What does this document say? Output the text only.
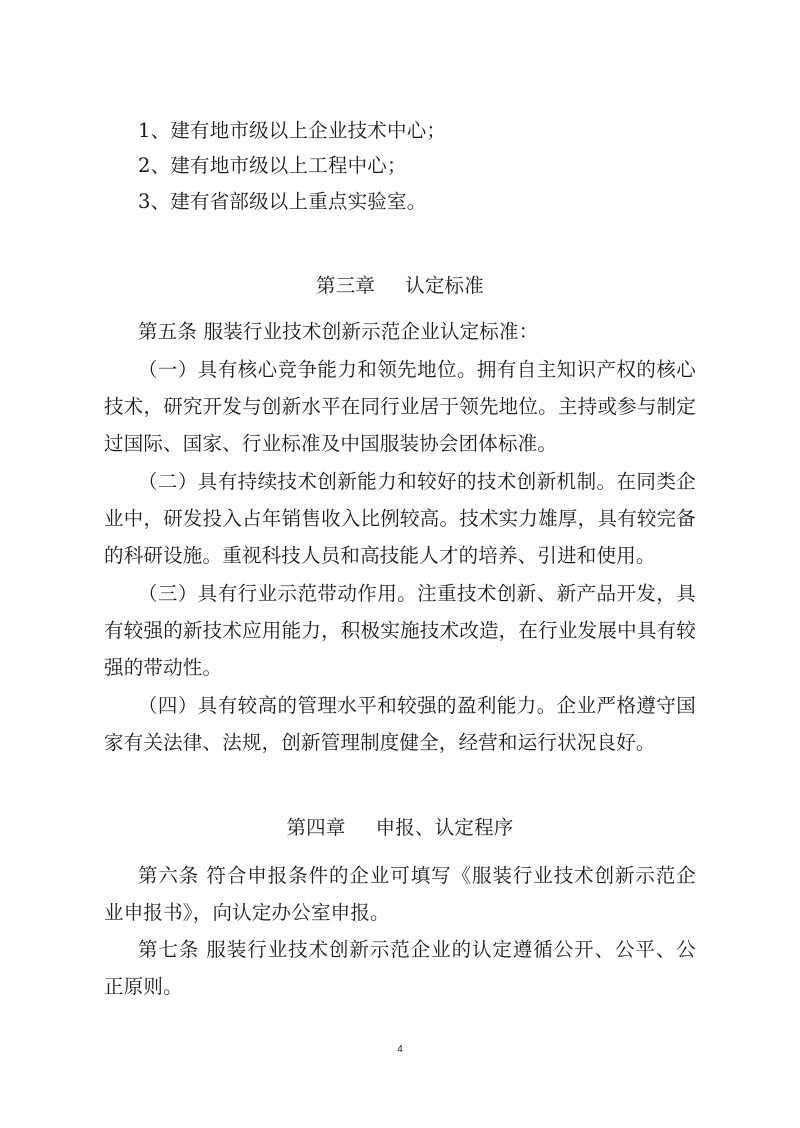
1、建有地市级以上企业技术中心；
2、建有地市级以上工程中心；
3、建有省部级以上重点实验室。
第三章 认定标准
第五条 服装行业技术创新示范企业认定标准：
（一）具有核心竞争能力和领先地位。拥有自主知识产权的核心
技术，研究开发与创新水平在同行业居于领先地位。主持或参与制定
过国际、国家、行业标准及中国服装协会团体标准。
（二）具有持续技术创新能力和较好的技术创新机制。在同类企
业中，研发投入占年销售收入比例较高。技术实力雄厚，具有较完备
的科研设施。重视科技人员和高技能人才的培养、引进和使用。
（三）具有行业示范带动作用。注重技术创新、新产品开发，具
有较强的新技术应用能力，积极实施技术改造，在行业发展中具有较
强的带动性。
（四）具有较高的管理水平和较强的盈利能力。企业严格遵守国
家有关法律、法规，创新管理制度健全，经营和运行状况良好。
第四章 申报、认定程序
第六条 符合申报条件的企业可填写《服装行业技术创新示范企
业申报书》，向认定办公室申报。
第七条 服装行业技术创新示范企业的认定遵循公开、公平、公
正原则。
4
